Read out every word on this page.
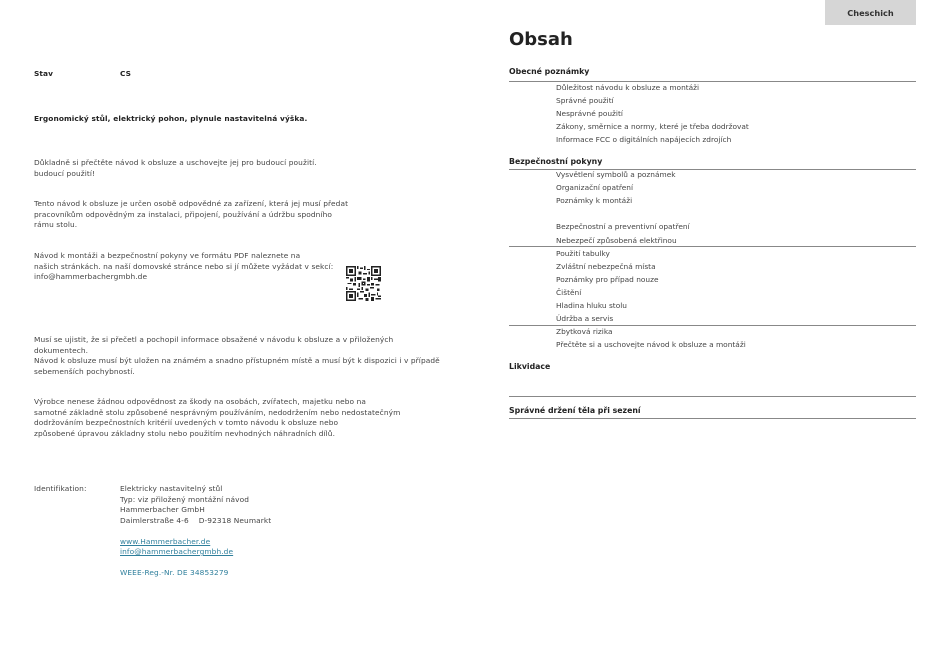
Cheschich
Stav	CS
Ergonomický stůl, elektrický pohon, plynule nastavitelná výška.
Důkladně si přečtěte návod k obsluze a uschovejte jej pro budoucí použití.
budoucí použití!
Tento návod k obsluze je určen osobě odpovědné za zařízení, která jej musí předat
pracovníkům odpovědným za instalaci, připojení, používání a údržbu spodního
rámu stolu.
Návod k montáži a bezpečnostní pokyny ve formátu PDF naleznete na
našich stránkách. na naší domovské stránce nebo si jí můžete vyžádat v sekcí:
info@hammerbachergmbh.de
Musí se ujistit, že si přečetl a pochopil informace obsažené v návodu k obsluze a v přiložených
dokumentech.
Návod k obsluze musí být uložen na známém a snadno přístupném místě a musí být k dispozici i v případě
sebemenších pochybností.
Výrobce nenese žádnou odpovědnost za škody na osobách, zvířatech, majetku nebo na
samotné základně stolu způsobené nesprávným používáním, nedodržením nebo nedostatečným
dodržováním bezpečnostních kritérií uvedených v tomto návodu k obsluze nebo
způsobené úpravou základny stolu nebo použitím nevhodných náhradních dílů.
Identifikation:	Elektricky nastavitelný stůl
Typ: viz přiložený montážní návod
Hammerbacher GmbH
Daimlerstraße 4-6 D-92318 Neumarkt
www.Hammerbacher.de
info@hammerbachergmbh.de
WEEE-Reg.-Nr. DE 34853279
Obsah
Obecné poznámky
Důležitost návodu k obsluze a montáži
Správné použití
Nesprávné použití
Zákony, směrnice a normy, které je třeba dodržovat
Informace FCC o digitálních napájecích zdrojích
Bezpečnostní pokyny
Vysvětlení symbolů a poznámek
Organizační opatření
Poznámky k montáži
Bezpečnostní a preventivní opatření
Nebezpečí způsobená elektřinou
Použití tabulky
Zvláštní nebezpečná místa
Poznámky pro případ nouze
Čištění
Hladina hluku stolu
Údržba a servis
Zbytková rizika
Přečtěte si a uschovejte návod k obsluze a montáži
Likvidace
Správné držení těla při sezení
